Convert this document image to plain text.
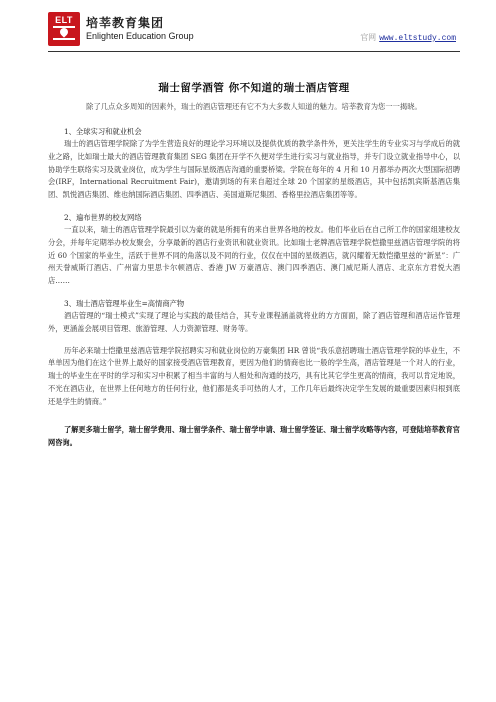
ELT	培莘教育集团
Enlighten Education Group	官网 www.eltstudy.com
瑞士留学酒管 你不知道的瑞士酒店管理

除了几点众多周知的因素外，瑞士的酒店管理还有它不为大多数人知道的魅力。培莘教育为您一一揭晓。

1、全球实习和就业机会

瑞士的酒店管理学院除了为学生营造良好的理论学习环境以及提供优质的教学条件外，更关注学生的专业实习与学成后的就业之路，比如瑞士最大的酒店管理教育集团 SEG 集团在开学不久便对学生进行实习与就业指导，并专门设立就业指导中心，以协助学生联络实习及就业岗位，成为学生与国际星级酒店沟通的重要桥梁。学院在每年的 4 月和 10 月都举办两次大型国际招聘会(IRF，International Recruitment Fair)，邀请到场的有来自超过全球 20 个国家的星级酒店，其中包括凯宾斯基酒店集团、凯悦酒店集团、维也纳国际酒店集团、四季酒店、美国道斯尼集团、香格里拉酒店集团等等。

2、遍布世界的校友网络

一直以来，瑞士的酒店管理学院最引以为豪的就是所拥有的来自世界各地的校友。他们毕业后在自己所工作的国家组建校友分会，并每年定期举办校友聚会，分享最新的酒店行业资讯和就业资讯。比如瑞士老牌酒店管理学院恺撒里兹酒店管理学院的将近 60 个国家的毕业生，活跃于世界不同的角落以及不同的行业，仅仅在中国的星级酒店，就闪耀着无数恺撒里兹的“新星”：广州天誉威斯汀酒店、广州富力里思卡尔顿酒店、香港 JW 万豪酒店、澳门四季酒店、澳门威尼斯人酒店、北京东方君悦大酒店……

3、瑞士酒店管理毕业生=高情商产物

酒店管理的“瑞士模式”实现了理论与实践的最佳结合，其专业课程涵盖就将业的方方面面，除了酒店管理和酒店运作管理外，更涵盖会展项目管理、旅游管理、人力资源管理、财务等。

历年必来瑞士恺撒里兹酒店管理学院招聘实习和就业岗位的万豪集团 HR 曾说“我乐意招聘瑞士酒店管理学院的毕业生，不单单因为他们在这个世界上最好的国家接受酒店管理教育，更因为他们的情商也比一般的学生高，酒店管理是一个对人的行业，瑞士的毕业生在平时的学习和实习中积累了相当丰富的与人相处和沟通的技巧，具有比其它学生更高的情商，我可以肯定地说，不光在酒店业，在世界上任何地方的任何行业，他们都是炙手可热的人才，工作几年后最终决定学生发展的最重要因素归根到底还是学生的情商。”

了解更多瑞士留学，瑞士留学费用、瑞士留学条件、瑞士留学申请、瑞士留学签证、瑞士留学攻略等内容，可登陆培莘教育官网咨询。
